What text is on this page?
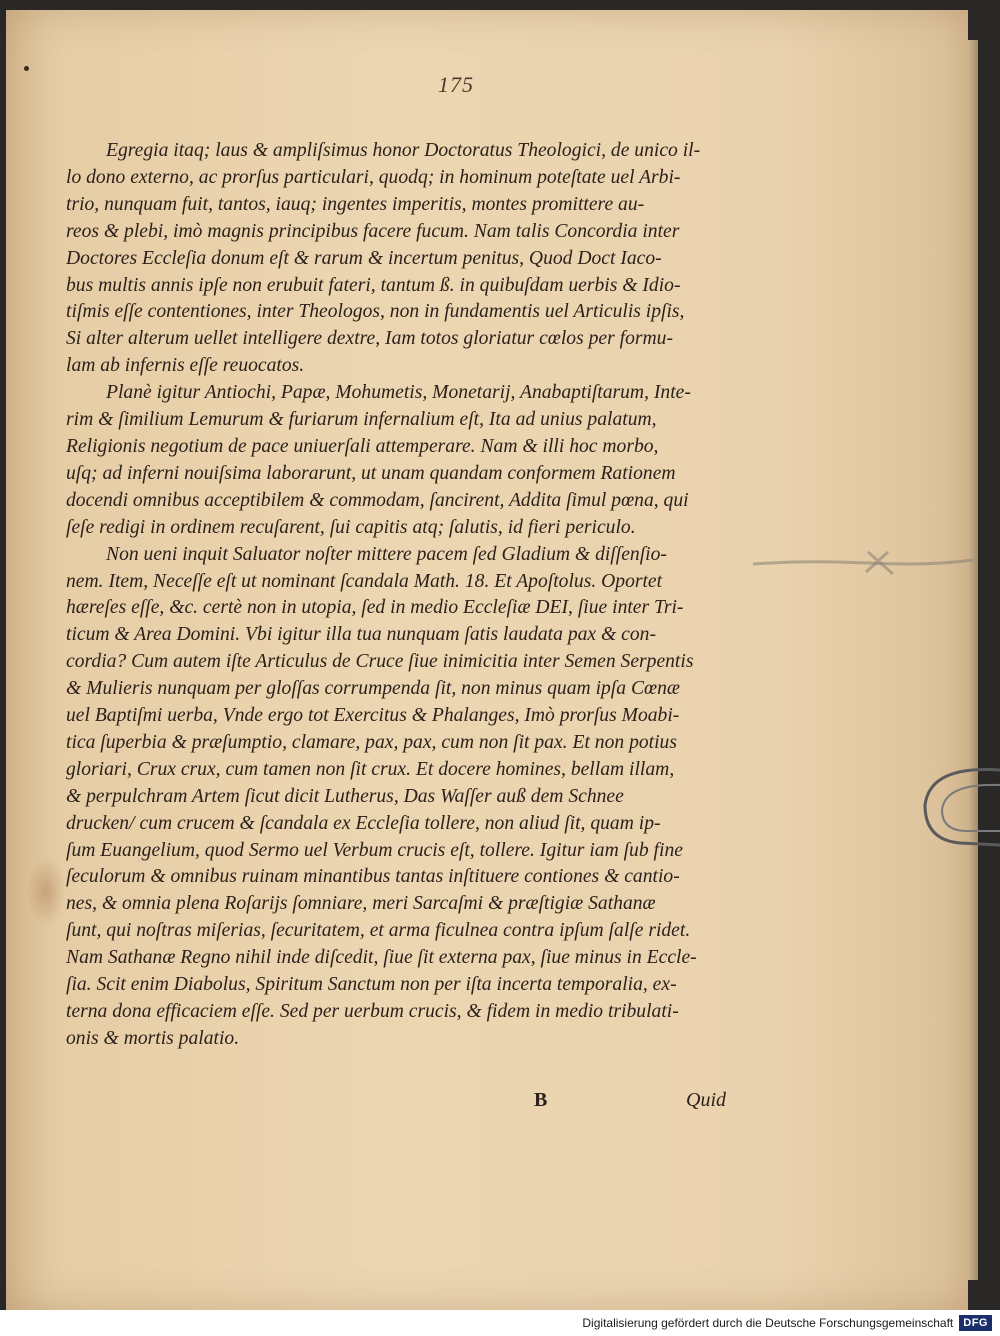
175
Egregia itaq; laus & ampliſsimus honor Doctoratus Theologici, de unico il-
lo dono externo, ac prorſus particulari, quodq; in hominum poteſtate uel Arbi-
trio, nunquam fuit, tantos, iauq; ingentes imperitis, montes promittere au-
reos & plebi, imò magnis principibus facere fucum. Nam talis Concordia inter
Doctores Eccleſia donum eſt & rarum & incertum penitus, Quod Doct Iaco-
bus multis annis ipſe non erubuit fateri, tantum ß. in quibuſdam uerbis & Idio-
tiſmis eſſe contentiones, inter Theologos, non in fundamentis uel Articulis ipſis,
Si alter alterum uellet intelligere dextre, Iam totos gloriatur cœlos per formu-
lam ab infernis eſſe reuocatos.
Planè igitur Antiochi, Papæ, Mohumetis, Monetarij, Anabaptiſtarum, Inte-
rim & ſimilium Lemurum & furiarum infernalium eſt, Ita ad unius palatum,
Religionis negotium de pace uniuerſali attemperare. Nam & illi hoc morbo,
uſq; ad inferni nouiſsima laborarunt, ut unam quandam conformem Rationem
docendi omnibus acceptibilem & commodam, ſancirent, Addita ſimul pœna, qui
ſeſe redigi in ordinem recuſarent, ſui capitis atq; ſalutis, id fieri periculo.
Non ueni inquit Saluator noſter mittere pacem ſed Gladium & diſſenſio-
nem. Item, Neceſſe eſt ut nominant ſcandala Math. 18. Et Apoſtolus. Oportet
hæreſes eſſe, &c. certè non in utopia, ſed in medio Eccleſiæ DEI, ſiue inter Tri-
ticum & Area Domini. Vbi igitur illa tua nunquam ſatis laudata pax & con-
cordia? Cum autem iſte Articulus de Cruce ſiue inimicitia inter Semen Serpentis
& Mulieris nunquam per gloſſas corrumpenda ſit, non minus quam ipſa Cœnæ
uel Baptiſmi uerba, Vnde ergo tot Exercitus & Phalanges, Imò prorſus Moabi-
tica ſuperbia & præſumptio, clamare, pax, pax, cum non ſit pax. Et non potius
gloriari, Crux crux, cum tamen non ſit crux. Et docere homines, bellam illam,
& perpulchram Artem ſicut dicit Lutherus, Das Waſſer auß dem Schnee
drucken/ cum crucem & ſcandala ex Eccleſia tollere, non aliud ſit, quam ip-
ſum Euangelium, quod Sermo uel Verbum crucis eſt, tollere. Igitur iam ſub fine
ſeculorum & omnibus ruinam minantibus tantas inſtituere contiones & cantio-
nes, & omnia plena Roſarijs ſomniare, meri Sarcaſmi & præſtigiæ Sathanæ
ſunt, qui noſtras miſerias, ſecuritatem, et arma ficulnea contra ipſum ſalſe ridet.
Nam Sathanæ Regno nihil inde diſcedit, ſiue ſit externa pax, ſiue minus in Eccle-
ſia. Scit enim Diabolus, Spiritum Sanctum non per iſta incerta temporalia, ex-
terna dona efficaciem eſſe. Sed per uerbum crucis, & fidem in medio tribulati-
onis & mortis palatio.
B	Quid
Digitalisierung gefördert durch die Deutsche Forschungsgemeinschaft DFG
